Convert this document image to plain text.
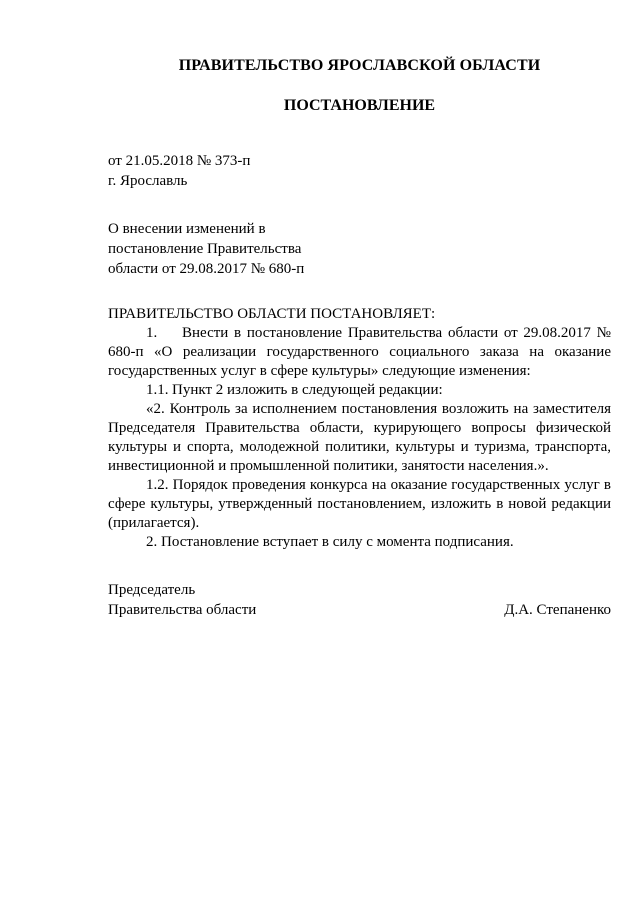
ПРАВИТЕЛЬСТВО ЯРОСЛАВСКОЙ ОБЛАСТИ
ПОСТАНОВЛЕНИЕ
от 21.05.2018 № 373-п
г. Ярославль
О внесении изменений в
постановление Правительства
области от 29.08.2017 № 680-п

ПРАВИТЕЛЬСТВО ОБЛАСТИ ПОСТАНОВЛЯЕТ:

1. Внести в постановление Правительства области от 29.08.2017 № 680-п «О реализации государственного социального заказа на оказание государственных услуг в сфере культуры» следующие изменения:

1.1. Пункт 2 изложить в следующей редакции:

«2. Контроль за исполнением постановления возложить на заместителя Председателя Правительства области, курирующего вопросы физической культуры и спорта, молодежной политики, культуры и туризма, транспорта, инвестиционной и промышленной политики, занятости населения.».

1.2. Порядок проведения конкурса на оказание государственных услуг в сфере культуры, утвержденный постановлением, изложить в новой редакции (прилагается).

2. Постановление вступает в силу с момента подписания.

Председатель
Правительства области	Д.А. Степаненко
